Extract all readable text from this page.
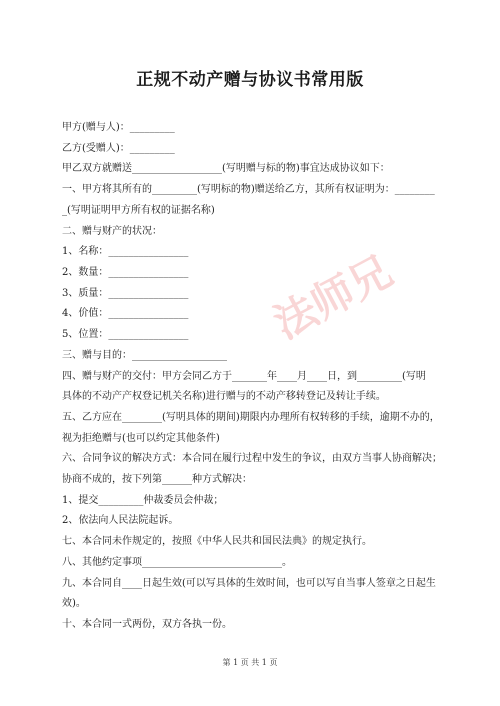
正规不动产赠与协议书常用版
甲方(赠与人)：_________
乙方(受赠人)：_________
甲乙双方就赠送__________________(写明赠与标的物)事宜达成协议如下：
一、甲方将其所有的_________(写明标的物)赠送给乙方，其所有权证明为：________
_(写明证明甲方所有权的证据名称)
二、赠与财产的状况：
1、名称：________________
2、数量：________________
3、质量：________________
4、价值：________________
5、位置：________________
三、赠与目的：___________________
四、赠与财产的交付：甲方会同乙方于_______年____月____日，到_________(写明
具体的不动产产权登记机关名称)进行赠与的不动产移转登记及转让手续。
五、乙方应在________(写明具体的期间)期限内办理所有权转移的手续，逾期不办的，
视为拒绝赠与(也可以约定其他条件)
六、合同争议的解决方式：本合同在履行过程中发生的争议，由双方当事人协商解决；
协商不成的，按下列第______种方式解决：
1、提交_________仲裁委员会仲裁；
2、依法向人民法院起诉。
七、本合同未作规定的，按照《中华人民共和国民法典》的规定执行。
八、其他约定事项____________________________。
九、本合同自____日起生效(可以写具体的生效时间，也可以写自当事人签章之日起生
效)。
十、本合同一式两份，双方各执一份。
法师兄
第 1 页 共 1 页
